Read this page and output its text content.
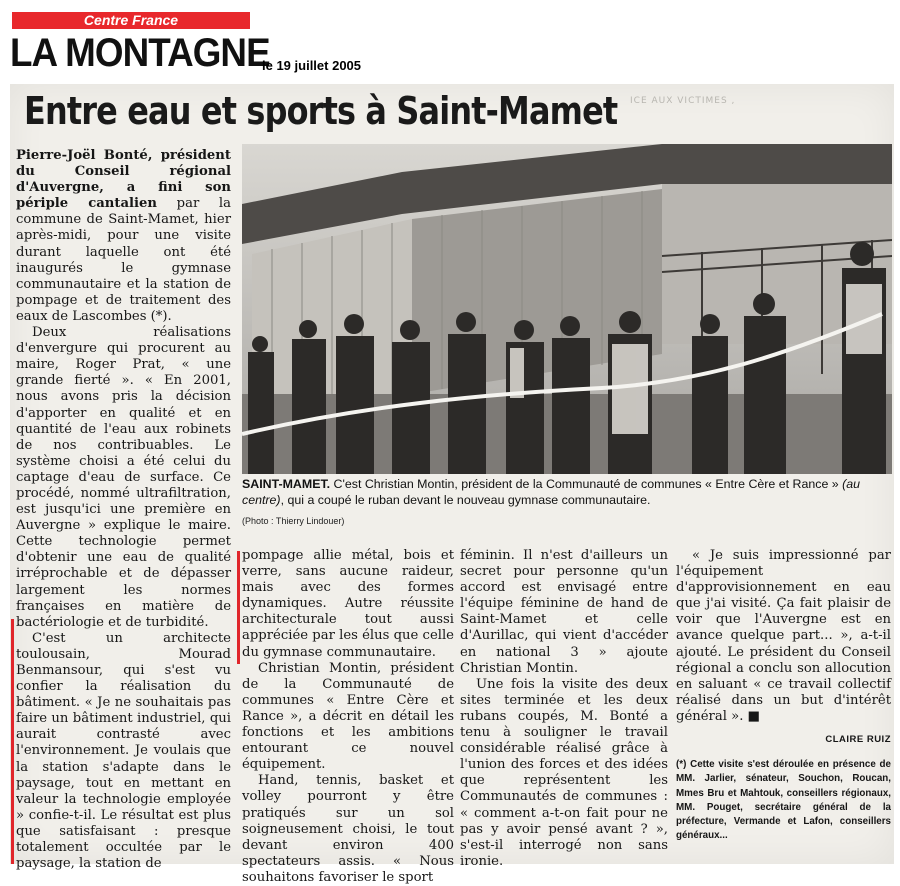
Centre France
LA MONTAGNE
le 19 juillet 2005
Entre eau et sports à Saint-Mamet ICE AUX VICTIMES ,

Pierre-Joël Bonté, président du Conseil régional d'Auvergne, a fini son périple cantalien par la commune de Saint-Mamet, hier après-midi, pour une visite durant laquelle ont été inaugurés le gymnase communautaire et la station de pompage et de traitement des eaux de Lascombes (*).

Deux réalisations d'envergure qui procurent au maire, Roger Prat, « une grande fierté ». « En 2001, nous avons pris la décision d'apporter en qualité et en quantité de l'eau aux robinets de nos contribuables. Le système choisi a été celui du captage d'eau de surface. Ce procédé, nommé ultrafiltration, est jusqu'ici une première en Auvergne » explique le maire. Cette technologie permet d'obtenir une eau de qualité irréprochable et de dépasser largement les normes françaises en matière de bactériologie et de turbidité.

C'est un architecte toulousain, Mourad Benmansour, qui s'est vu confier la réalisation du bâtiment. « Je ne souhaitais pas faire un bâtiment industriel, qui aurait contrasté avec l'environnement. Je voulais que la station s'adapte dans le paysage, tout en mettant en valeur la technologie employée » confie-t-il. Le résultat est plus que satisfaisant : presque totalement occultée par le paysage, la station de

SAINT-MAMET. C'est Christian Montin, président de la Communauté de communes « Entre Cère et Rance » (au centre), qui a coupé le ruban devant le nouveau gymnase communautaire.
(Photo : Thierry Lindouer)

pompage allie métal, bois et verre, sans aucune raideur, mais avec des formes dynamiques. Autre réussite architecturale tout aussi appréciée par les élus que celle du gymnase communautaire.

Christian Montin, président de la Communauté de communes « Entre Cère et Rance », a décrit en détail les fonctions et les ambitions entourant ce nouvel équipement.

Hand, tennis, basket et volley pourront y être pratiqués sur un sol soigneusement choisi, le tout devant environ 400 spectateurs assis. « Nous souhaitons favoriser le sport

féminin. Il n'est d'ailleurs un secret pour personne qu'un accord est envisagé entre l'équipe féminine de hand de Saint-Mamet et celle d'Aurillac, qui vient d'accéder en national 3 » ajoute Christian Montin.

Une fois la visite des deux sites terminée et les deux rubans coupés, M. Bonté a tenu à souligner le travail considérable réalisé grâce à l'union des forces et des idées que représentent les Communautés de communes : « comment a-t-on fait pour ne pas y avoir pensé avant ? », s'est-il interrogé non sans ironie.

« Je suis impressionné par l'équipement d'approvisionnement en eau que j'ai visité. Ça fait plaisir de voir que l'Auvergne est en avance quelque part... », a-t-il ajouté. Le président du Conseil régional a conclu son allocution en saluant « ce travail collectif réalisé dans un but d'intérêt général ». ■

CLAIRE RUIZ
(*) Cette visite s'est déroulée en présence de MM. Jarlier, sénateur, Souchon, Roucan, Mmes Bru et Mahtouk, conseillers régionaux, MM. Pouget, secrétaire général de la préfecture, Vermande et Lafon, conseillers généraux...
